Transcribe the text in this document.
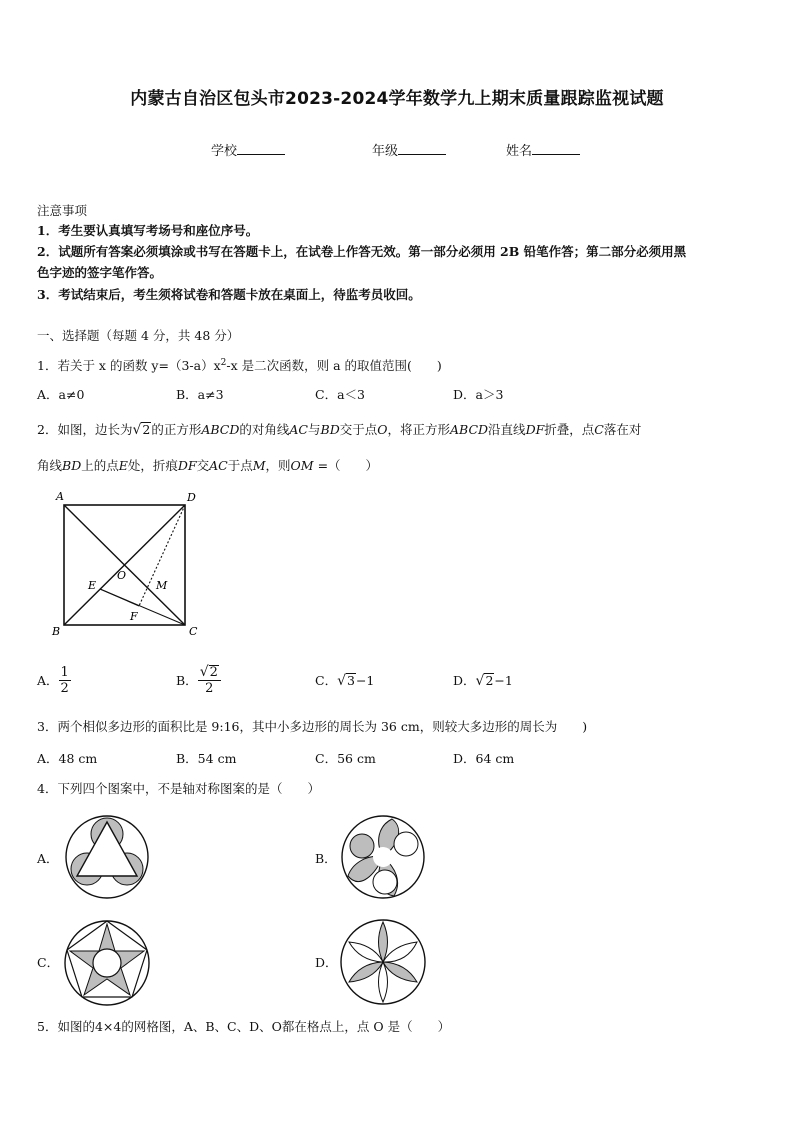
内蒙古自治区包头市2023-2024学年数学九上期末质量跟踪监视试题
学校	年级	姓名
注意事项
1．考生要认真填写考场号和座位序号。
2．试题所有答案必须填涂或书写在答题卡上，在试卷上作答无效。第一部分必须用 2B 铅笔作答；第二部分必须用黑
色字迹的签字笔作答。
3．考试结束后，考生须将试卷和答题卡放在桌面上，待监考员收回。
一、选择题（每题 4 分，共 48 分）
1．若关于 x 的函数 $y=(3-a)x^2-x$ 是二次函数，则 a 的取值范围(　　)
A．a≠0	B．a≠3	C．a＜3	D．a＞3
2．如图，边长为√2的正方形ABCD的对角线AC与BD交于点O，将正方形ABCD沿直线DF折叠，点C落在对
角线BD上的点E处，折痕DF交AC于点M，则OM =（　　）
A	D
O
E	M
F
B	C
A． $\frac{1}{2}$	B． $\frac{√2}{2}$	C．√3−1	D．√2−1
3．两个相似多边形的面积比是 9:16，其中小多边形的周长为 36 cm，则较大多边形的周长为　　)
A．48 cm	B．54 cm	C．56 cm	D．64 cm
4．下列四个图案中，不是轴对称图案的是（　　）
A．	B．
C．	D．
5．如图的4×4的网格图，A、B、C、D、O都在格点上，点 O 是（　　）
